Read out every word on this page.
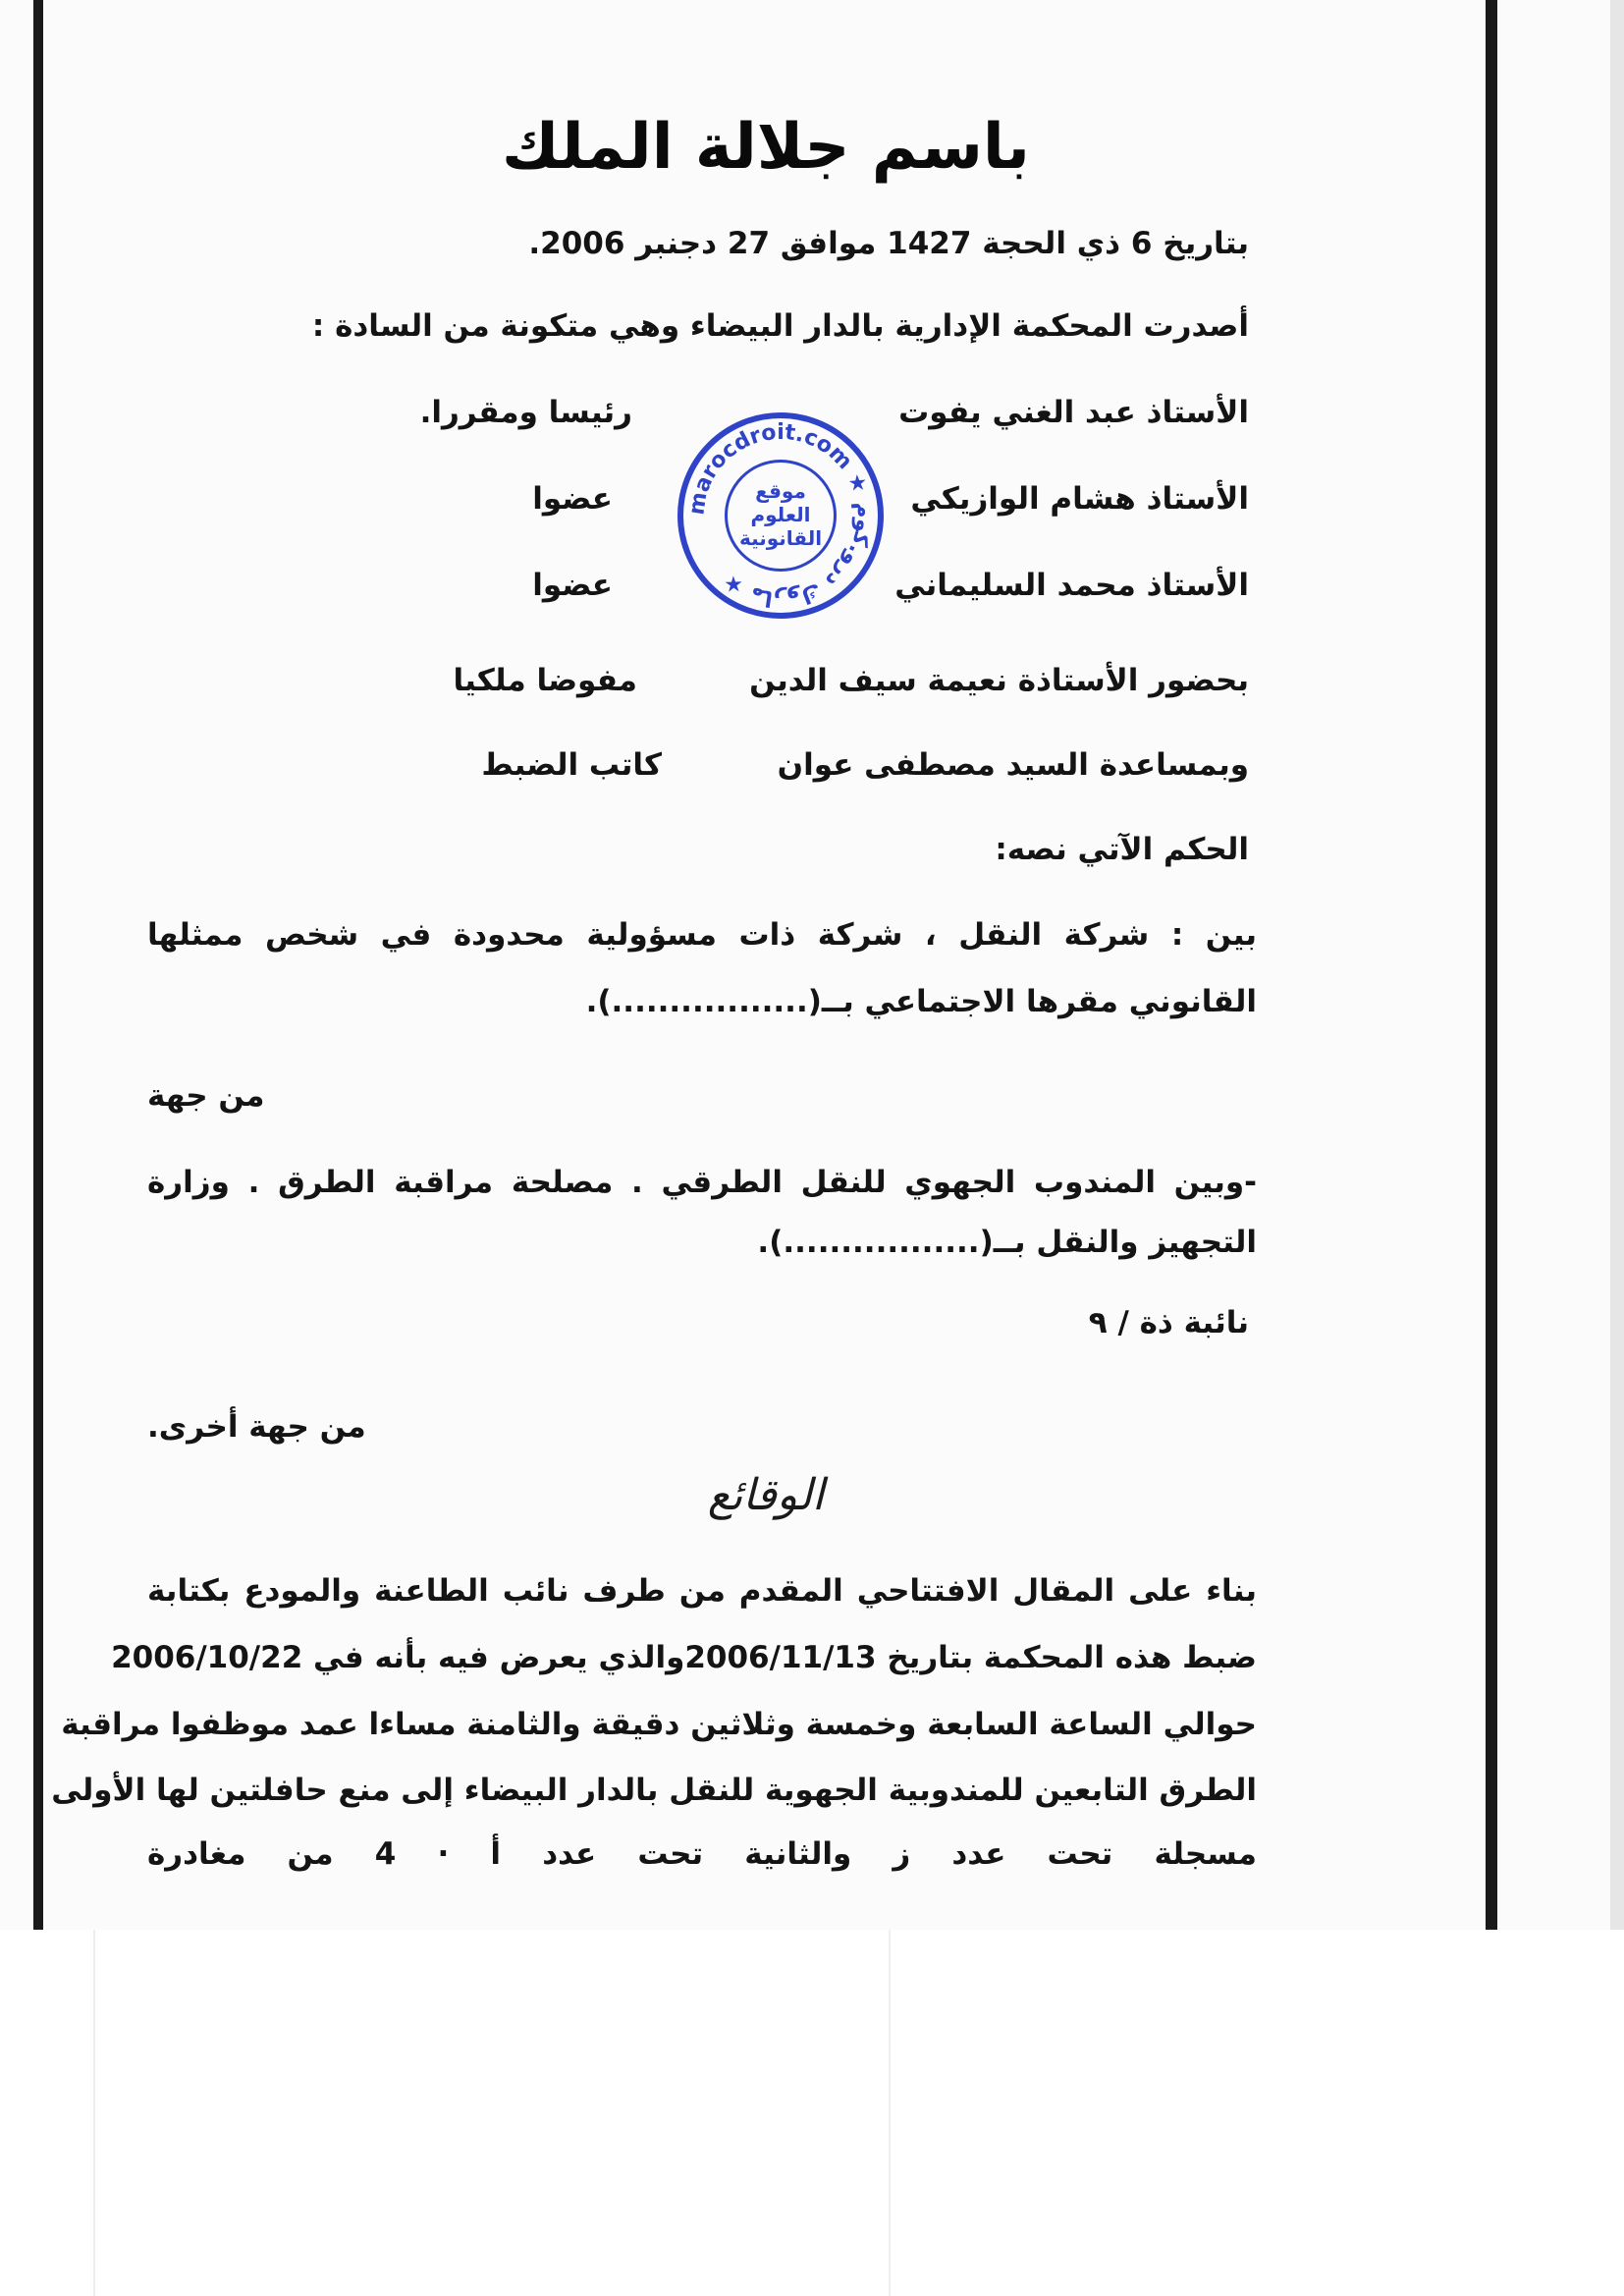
باسم جلالة الملك
بتاريخ 6 ذي الحجة 1427 موافق 27 دجنبر 2006.
أصدرت المحكمة الإدارية بالدار البيضاء وهي متكونة من السادة :
الأستاذ عبد الغني يفوت
رئيسا ومقررا.
الأستاذ هشام الوازيكي
عضوا
الأستاذ محمد السليماني
عضوا
بحضور الأستاذة نعيمة سيف الدين
مفوضا ملكيا
وبمساعدة السيد مصطفى عوان
كاتب الضبط
الحكم الآتي نصه:
بين : شركة النقل ، شركة ذات مسؤولية محدودة في شخص ممثلها
القانوني مقرها الاجتماعي بــ(.................).
من جهة
-وبين المندوب الجهوي للنقل الطرقي . مصلحة مراقبة الطرق . وزارة
التجهيز والنقل بــ(.................).
نائبة ذة / ٩
من جهة أخرى.
الوقائع
بناء على المقال الافتتاحي المقدم من طرف نائب الطاعنة والمودع بكتابة
ضبط هذه المحكمة بتاريخ 2006/11/13والذي يعرض فيه بأنه في 2006/10/22
حوالي الساعة السابعة وخمسة وثلاثين دقيقة والثامنة مساءا عمد موظفوا مراقبة
الطرق التابعين للمندوبية الجهوية للنقل بالدار البيضاء إلى منع حافلتين لها الأولى
مسجلة تحت عدد ز والثانية تحت عدد أ · 4 من مغادرة
marocdroit.com ★ ماروك درو.كوم ★
موقع
العلوم
القانونية
